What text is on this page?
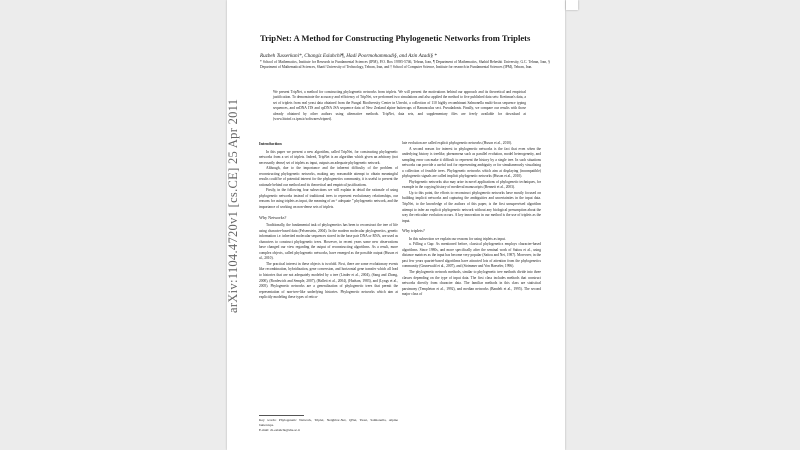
arXiv:1104.4720v1 [cs.CE] 25 Apr 2011
TripNet: A Method for Constructing Phylogenetic Networks from Triplets
Ruzbeh Tusserkani*, Changiz Eslahchi¶, Hadi Poormohammadi§, and Azin Azadi§ *
* School of Mathematics, Institute for Research in Fundamental Sciences (IPM), P.O. Box 19395-5746, Tehran, Iran, ¶ Department of Mathematics, Shahid Beheshti University, G.C. Tehran, Iran, § Department of Mathematical Sciences, Sharif University of Technology, Tehran, Iran, and † School of Computer Science, Institute for research in Fundamental Sciences (IPM), Tehran, Iran.
We present TripNet, a method for constructing phylogenetic networks from triplets. We will present the motivations behind our approach and its theoretical and empirical justification. To demonstrate the accuracy and efficiency of TripNet, we performed two simulations and also applied the method to five published data sets: Kreitman's data, a set of triplets from real yeast data obtained from the Fungal Biodiversity Center in Utrecht, a collection of 110 highly recombinant Salmonella multi-locus sequence typing sequences, and nrDNA ITS and cpDNA JSA sequence data of New Zealand alpine buttercups of Ranunculus sect. Pseudadonis. Finally, we compare our results with those already obtained by other authors using alternative methods. TripNet, data sets, and supplementary files are freely available for download at (www.bioinf.cs.ipm.ir/softwares/tripnet).
Introduction

In this paper we present a new algorithm, called TripNet, for constructing phylogenetic networks from a set of triplets. Indeed, TripNet is an algorithm which given an arbitrary (not necessarily dense) set of triplets as input, outputs an adequate phylogenetic network.

Although, due to the importance and the inherent difficulty of the problem of reconstructing phylogenetic networks, making any reasonable attempt to obtain meaningful results could be of potential interest for the phylogenetics community, it is useful to present the rationale behind our method and its theoretical and empirical justifications.

Firstly, in the following four subsections we will explain in detail the rationale of using phylogenetic networks instead of traditional trees to represent evolutionary relationships, our reasons for using triplets as input, the meaning of an “ adequate ” phylogenetic network, and the importance of working on non-dense sets of triplets.

Why Networks?

Traditionally, the fundamental task of phylogenetics has been to reconstruct the tree of life using character-based data (Felsenstein, 2004). In the modern molecular phylogenetics, genetic information i.e. inherited molecular sequences stored in the base pair DNA or RNA, are used as characters to construct phylogenetic trees. However, in recent years some new observations have changed our view regarding the output of reconstructing algorithms. As a result, more complex objects, called phylogenetic networks, have emerged as the possible output (Huson et al., 2010).

The practical interest in these objects is twofold. First, there are some evolutionary events like recombination, hybridization, gene conversion, and horizontal gene transfer which all lead to histories that are not adequately modeled by a tree (Linder et al., 2004), (Sang and Zhong, 2000), (Bordewich and Semple, 2007), (Hallett et al., 2004), (Hudson, 1983), and (Lyngs et al., 2005). Phylogenetic networks are a generalization of phylogenetic trees that permit the representation of non-tree-like underlying histories. Phylogenetic networks which aim at explicitly modeling these types of reticu-

late evolution are called explicit phylogenetic networks (Huson et al., 2010).

A second reason for interest in phylogenetic networks is the fact that even when the underlying history is treelike, phenomena such as parallel evolution, model heterogeneity, and sampling error can make it difficult to represent the history by a single tree. In such situations networks can provide a useful tool for representing ambiguity or for simultaneously visualizing a collection of feasible trees. Phylogenetic networks which aim at displaying (incompatible) phylogenetic signals are called implicit phylogenetic networks (Huson et al., 2010).

Phylogenetic networks also may arise in novel applications of phylogenetic techniques, for example in the copying history of medieval manuscripts (Bennett et al., 2003).

Up to this point, the efforts to reconstruct phylogenetic networks have mostly focused on building implicit networks and capturing the ambiguities and uncertainties in the input data. TripNet, to the knowledge of the authors of this paper, is the first unsupervised algorithm attempt to infer an explicit phylogenetic network without any biological presumption about the way the reticulate evolution occurs. A key innovation in our method is the use of triplets as the input.

Why triplets?

In this subsection we explain our reasons for using triplets as input.

a. Filling a Gap: As mentioned before, classical phylogenetics employs character-based algorithms. Since 1980s, and more specifically after the seminal work of Saitou et al., using distance matrices as the input has become very popular (Saitou and Nei, 1987). Moreover, in the past few years quartet-based algorithms have attracted lots of attention from the phylogenetics community (Grunewald et al., 2007), and (Strimmer and Von Haeseler, 1996).

The phylogenetic network methods, similar to phylogenetic tree methods divide into three classes depending on the type of input data. The first class includes methods that construct networks directly from character data. The familiar methods in this class are statistical parsimony (Templeton et al., 1992), and median networks (Bandelt et al., 1995). The second major class of

Key words: Phylogenetic Network, Triplet, Neighbor-Net, QNet, Yeast, Salmonella, Alpine buttercups.
E-mail: ch-eslahchi@sbu.ac.ir
